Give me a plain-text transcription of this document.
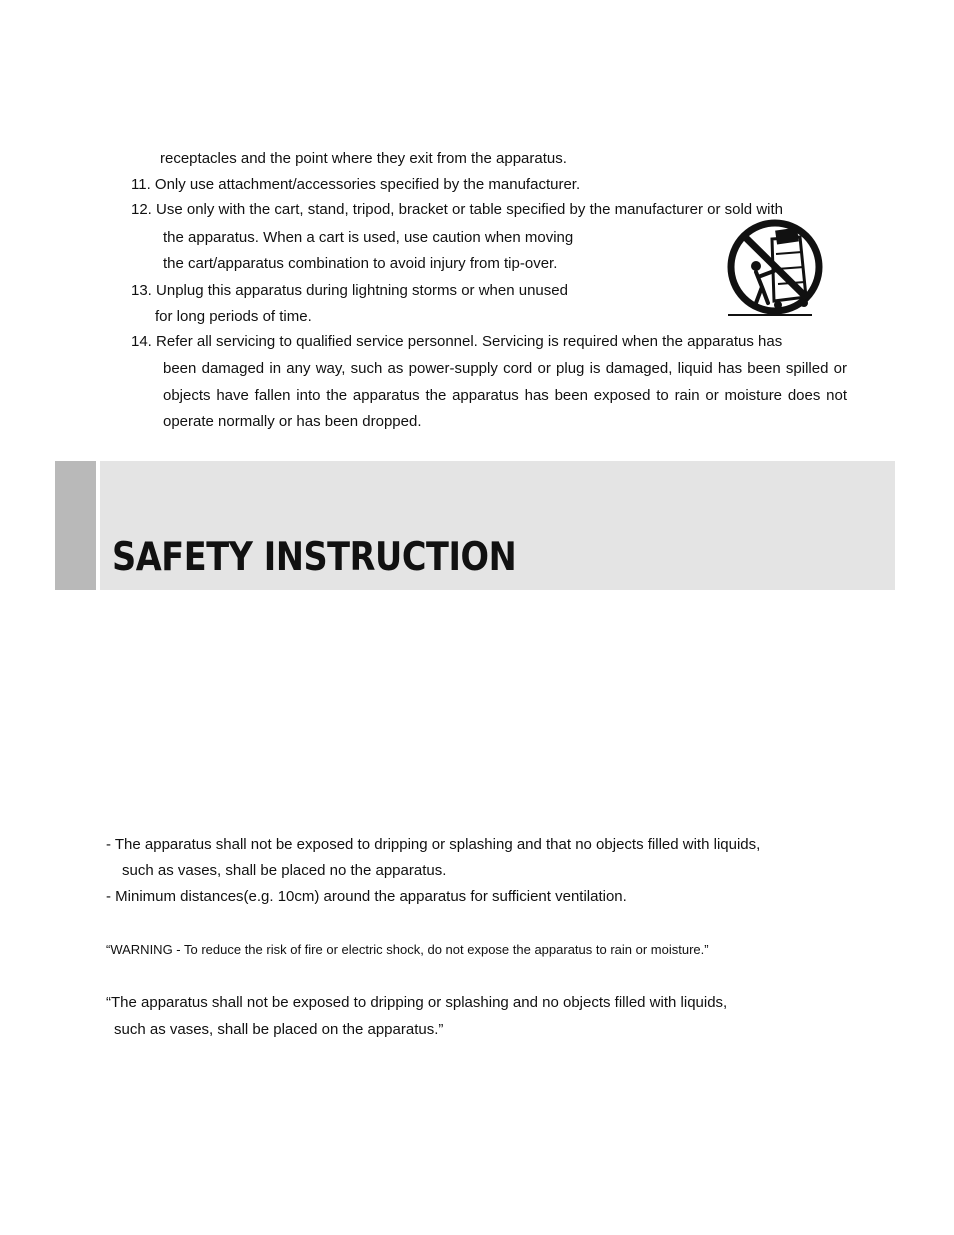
receptacles and the point where they exit from the apparatus.
11. Only use attachment/accessories specified by the manufacturer.
12. Use only with the cart, stand, tripod, bracket or table specified by the manufacturer or sold with
the apparatus. When a cart is used, use caution when moving
the cart/apparatus combination to avoid injury from tip-over.
13. Unplug this apparatus during lightning storms or when unused
for long periods of time.
14. Refer all servicing to qualified service personnel. Servicing is required when the apparatus has
been damaged in any way, such as power-supply cord or plug is damaged, liquid has been spilled or objects have fallen into the apparatus the apparatus has been exposed to rain or moisture does not operate normally or has been dropped.
SAFETY INSTRUCTION
- The apparatus shall not be exposed to dripping or splashing and that no objects filled with liquids,
such as vases, shall be placed no the apparatus.
- Minimum distances(e.g. 10cm) around the apparatus for sufficient ventilation.
“WARNING - To reduce the risk of fire or electric shock, do not expose the apparatus to rain or moisture.”
“The apparatus shall not be exposed to dripping or splashing and no objects filled with liquids,
such as vases, shall be placed on the apparatus.”
